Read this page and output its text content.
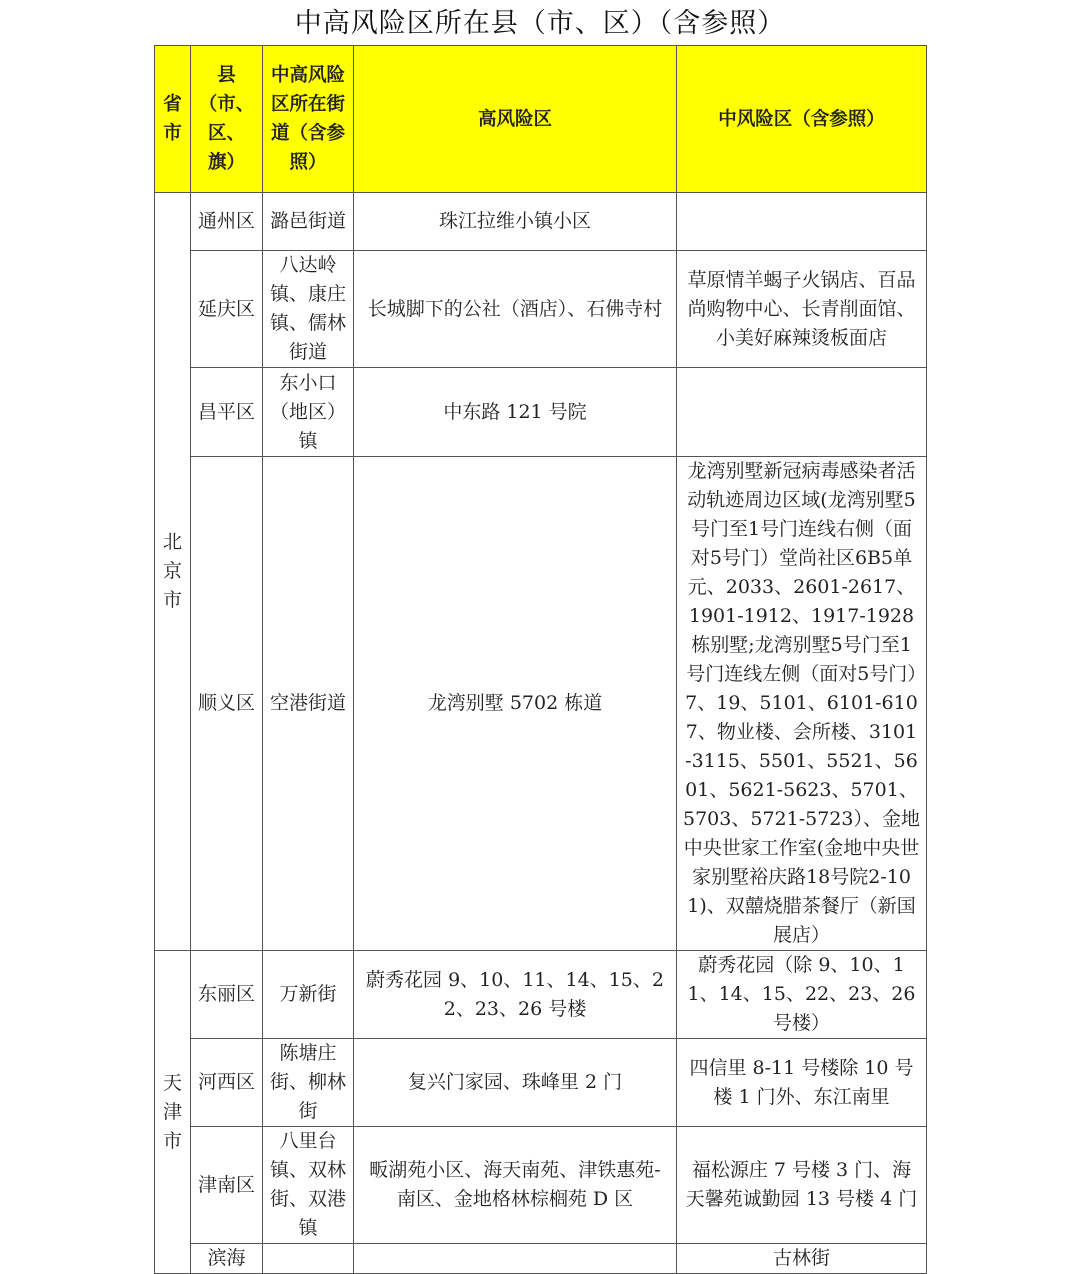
中高风险区所在县（市、区）（含参照）
省市	县（市、区、旗）	中高风险区所在街道（含参照）	高风险区	中风险区（含参照）
北京市	通州区	潞邑街道	珠江拉维小镇小区	
	延庆区	八达岭镇、康庄镇、儒林街道	长城脚下的公社（酒店）、石佛寺村	草原情羊蝎子火锅店、百品尚购物中心、长青削面馆、小美好麻辣烫板面店
	昌平区	东小口（地区）镇	中东路 121 号院	
	顺义区	空港街道	龙湾别墅 5702 栋道	龙湾别墅新冠病毒感染者活动轨迹周边区域(龙湾别墅5号门至1号门连线右侧（面对5号门）堂尚社区6B5单元、2033、2601-2617、1901-1912、1917-1928栋别墅;龙湾别墅5号门至1号门连线左侧（面对5号门）7、19、5101、6101-6107、物业楼、会所楼、3101-3115、5501、5521、5601、5621-5623、5701、5703、5721-5723）、金地中央世家工作室(金地中央世家别墅裕庆路18号院2-101)、双囍烧腊茶餐厅（新国展店）
天津市	东丽区	万新街	蔚秀花园 9、10、11、14、15、22、23、26 号楼	蔚秀花园（除 9、10、11、14、15、22、23、26 号楼）
	河西区	陈塘庄街、柳林街	复兴门家园、珠峰里 2 门	四信里 8-11 号楼除 10 号楼 1 门外、东江南里
	津南区	八里台镇、双林街、双港镇	畈湖苑小区、海天南苑、津铁惠苑-南区、金地格林棕榈苑 D 区	福松源庄 7 号楼 3 门、海天馨苑诚勤园 13 号楼 4 门
	滨海			古林街
